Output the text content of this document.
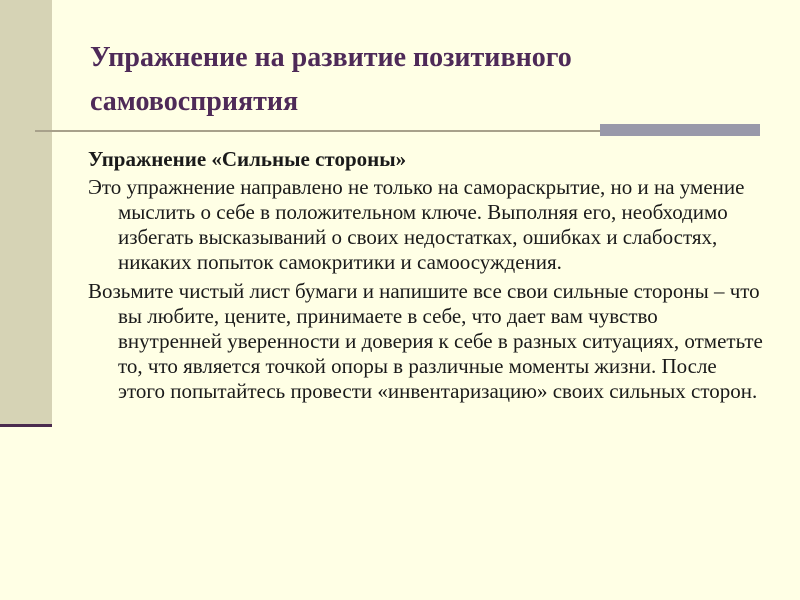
Упражнение на развитие позитивного самовосприятия

Упражнение «Сильные стороны»

Это упражнение направлено не только на самораскрытие, но и на умение мыслить о себе в положительном ключе. Выполняя его, необходимо избегать высказываний о своих недостатках, ошибках и слабостях, никаких попыток самокритики и самоосуждения.

Возьмите чистый лист бумаги и напишите все свои сильные стороны – что вы любите, цените, принимаете в себе, что дает вам чувство внутренней уверенности и доверия к себе в разных ситуациях, отметьте то, что является точкой опоры в различные моменты жизни. После этого попытайтесь провести «инвентаризацию» своих сильных сторон.
